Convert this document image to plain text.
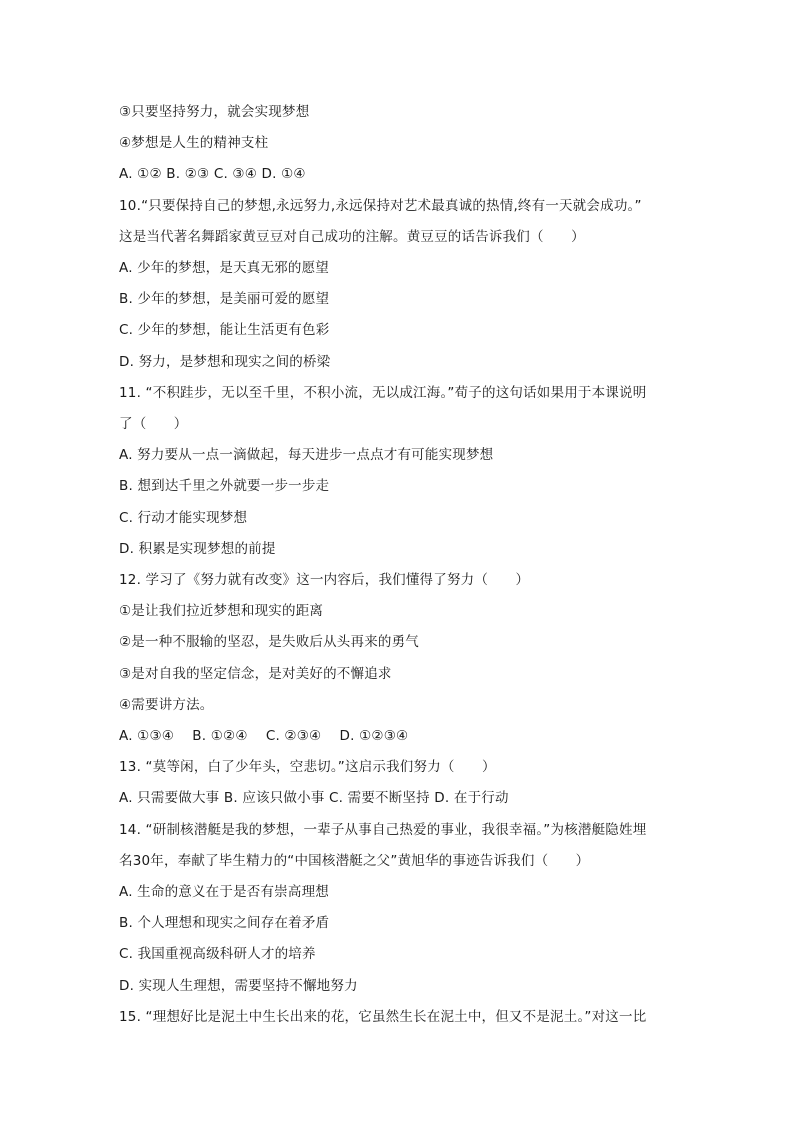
③只要坚持努力，就会实现梦想
④梦想是人生的精神支柱
A. ①② B. ②③ C. ③④ D. ①④
10.“只要保持自己的梦想,永远努力,永远保持对艺术最真诚的热情,终有一天就会成功。”
这是当代著名舞蹈家黄豆豆对自己成功的注解。黄豆豆的话告诉我们（　　）
A. 少年的梦想，是天真无邪的愿望
B. 少年的梦想，是美丽可爱的愿望
C. 少年的梦想，能让生活更有色彩
D. 努力，是梦想和现实之间的桥梁
11. “不积跬步，无以至千里，不积小流，无以成江海。”荀子的这句话如果用于本课说明
了（　　）
A. 努力要从一点一滴做起，每天进步一点点才有可能实现梦想
B. 想到达千里之外就要一步一步走
C. 行动才能实现梦想
D. 积累是实现梦想的前提
12. 学习了《努力就有改变》这一内容后，我们懂得了努力（　　）
①是让我们拉近梦想和现实的距离
②是一种不服输的坚忍，是失败后从头再来的勇气
③是对自我的坚定信念，是对美好的不懈追求
④需要讲方法。
A. ①③④　 B. ①②④　 C. ②③④　 D. ①②③④
13. “莫等闲，白了少年头，空悲切。”这启示我们努力（　　）
A. 只需要做大事 B. 应该只做小事 C. 需要不断坚持 D. 在于行动
14. “研制核潜艇是我的梦想，一辈子从事自己热爱的事业，我很幸福。”为核潜艇隐姓埋
名30年，奉献了毕生精力的“中国核潜艇之父”黄旭华的事迹告诉我们（　　）
A. 生命的意义在于是否有崇高理想
B. 个人理想和现实之间存在着矛盾
C. 我国重视高级科研人才的培养
D. 实现人生理想，需要坚持不懈地努力
15. “理想好比是泥土中生长出来的花，它虽然生长在泥土中，但又不是泥土。”对这一比
